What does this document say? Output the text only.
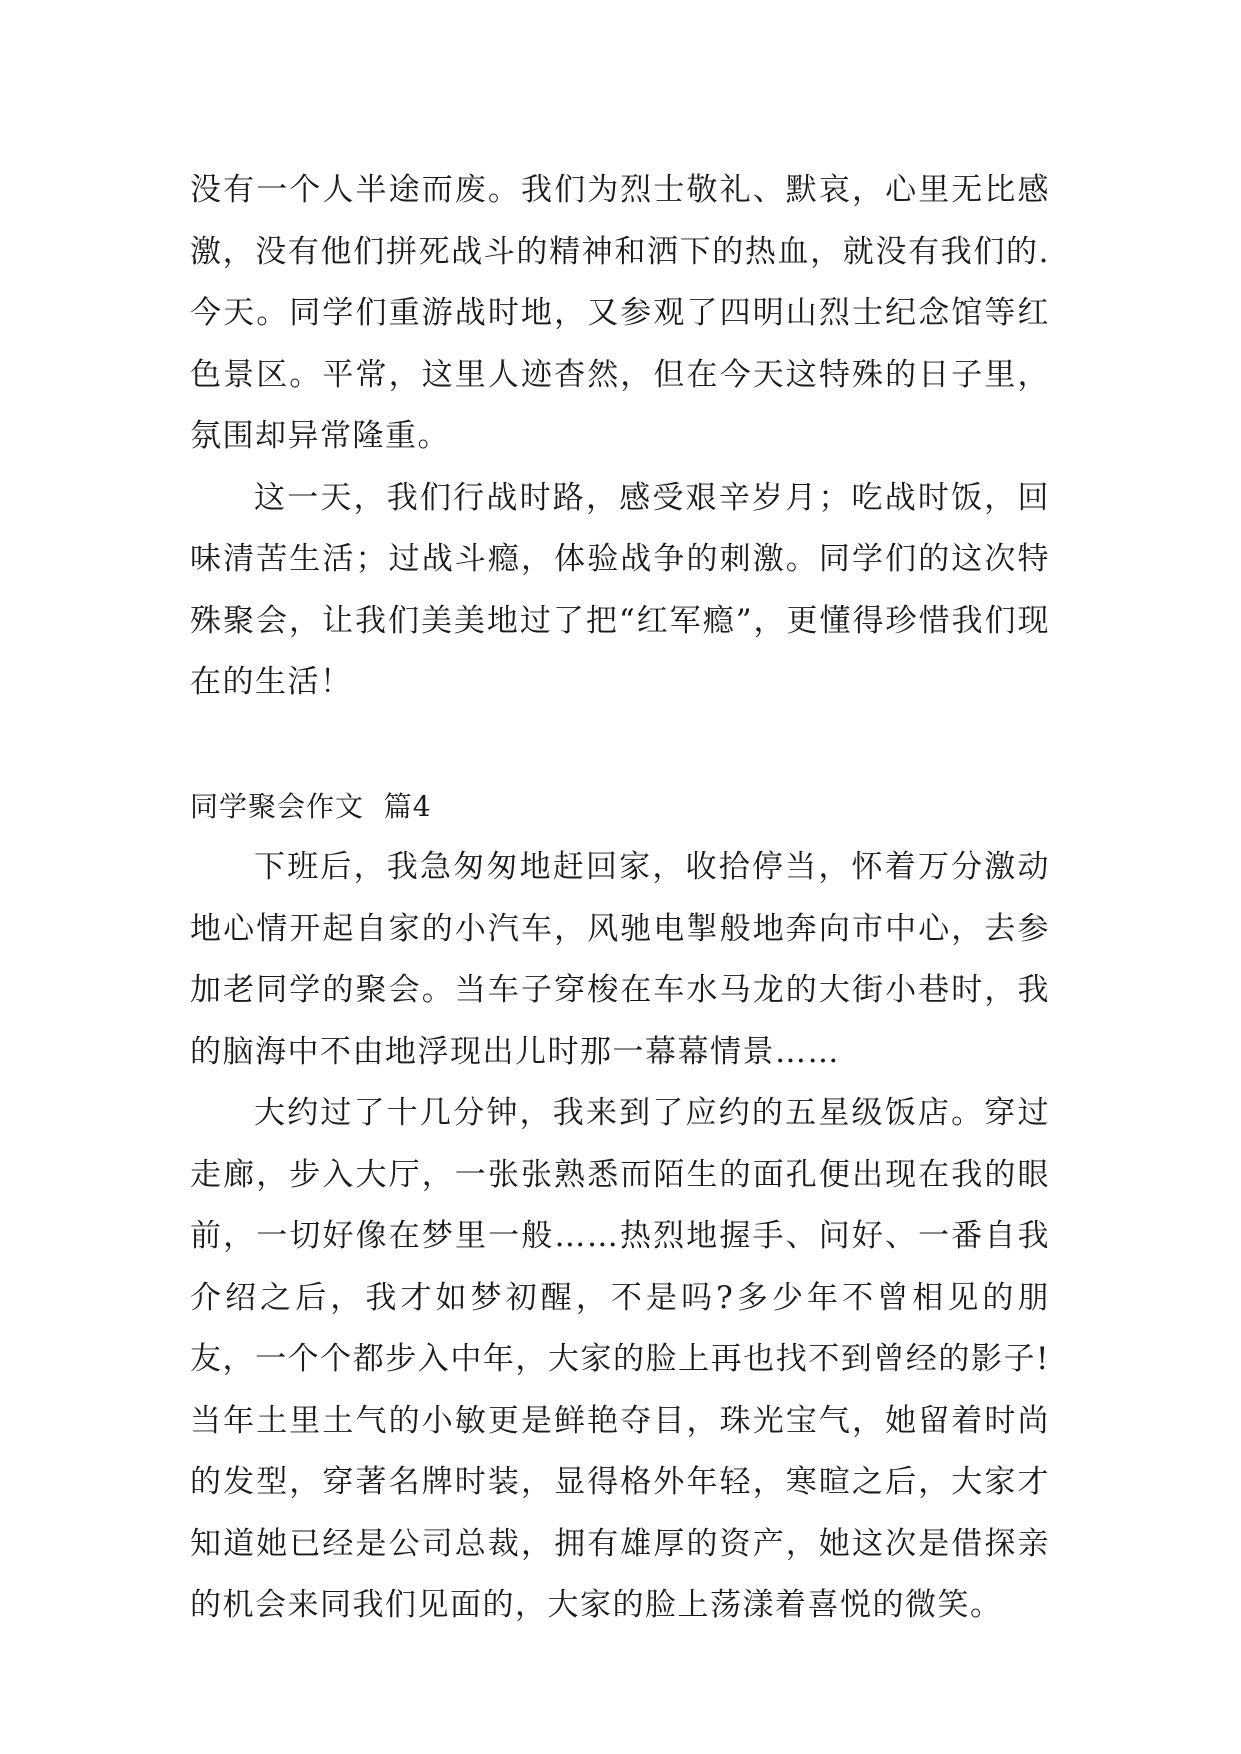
没有一个人半途而废。我们为烈士敬礼、默哀，心里无比感激，没有他们拼死战斗的精神和洒下的热血，就没有我们的.今天。同学们重游战时地，又参观了四明山烈士纪念馆等红色景区。平常，这里人迹杳然，但在今天这特殊的日子里，氛围却异常隆重。

这一天，我们行战时路，感受艰辛岁月；吃战时饭，回味清苦生活；过战斗瘾，体验战争的刺激。同学们的这次特殊聚会，让我们美美地过了把“红军瘾”，更懂得珍惜我们现在的生活！

同学聚会作文  篇4

下班后，我急匆匆地赶回家，收拾停当，怀着万分激动地心情开起自家的小汽车，风驰电掣般地奔向市中心，去参加老同学的聚会。当车子穿梭在车水马龙的大街小巷时，我的脑海中不由地浮现出儿时那一幕幕情景……

大约过了十几分钟，我来到了应约的五星级饭店。穿过走廊，步入大厅，一张张熟悉而陌生的面孔便出现在我的眼前，一切好像在梦里一般……热烈地握手、问好、一番自我介绍之后，我才如梦初醒，不是吗?多少年不曾相见的朋友，一个个都步入中年，大家的脸上再也找不到曾经的影子!当年土里土气的小敏更是鲜艳夺目，珠光宝气，她留着时尚的发型，穿著名牌时装，显得格外年轻，寒暄之后，大家才知道她已经是公司总裁，拥有雄厚的资产，她这次是借探亲的机会来同我们见面的，大家的脸上荡漾着喜悦的微笑。
